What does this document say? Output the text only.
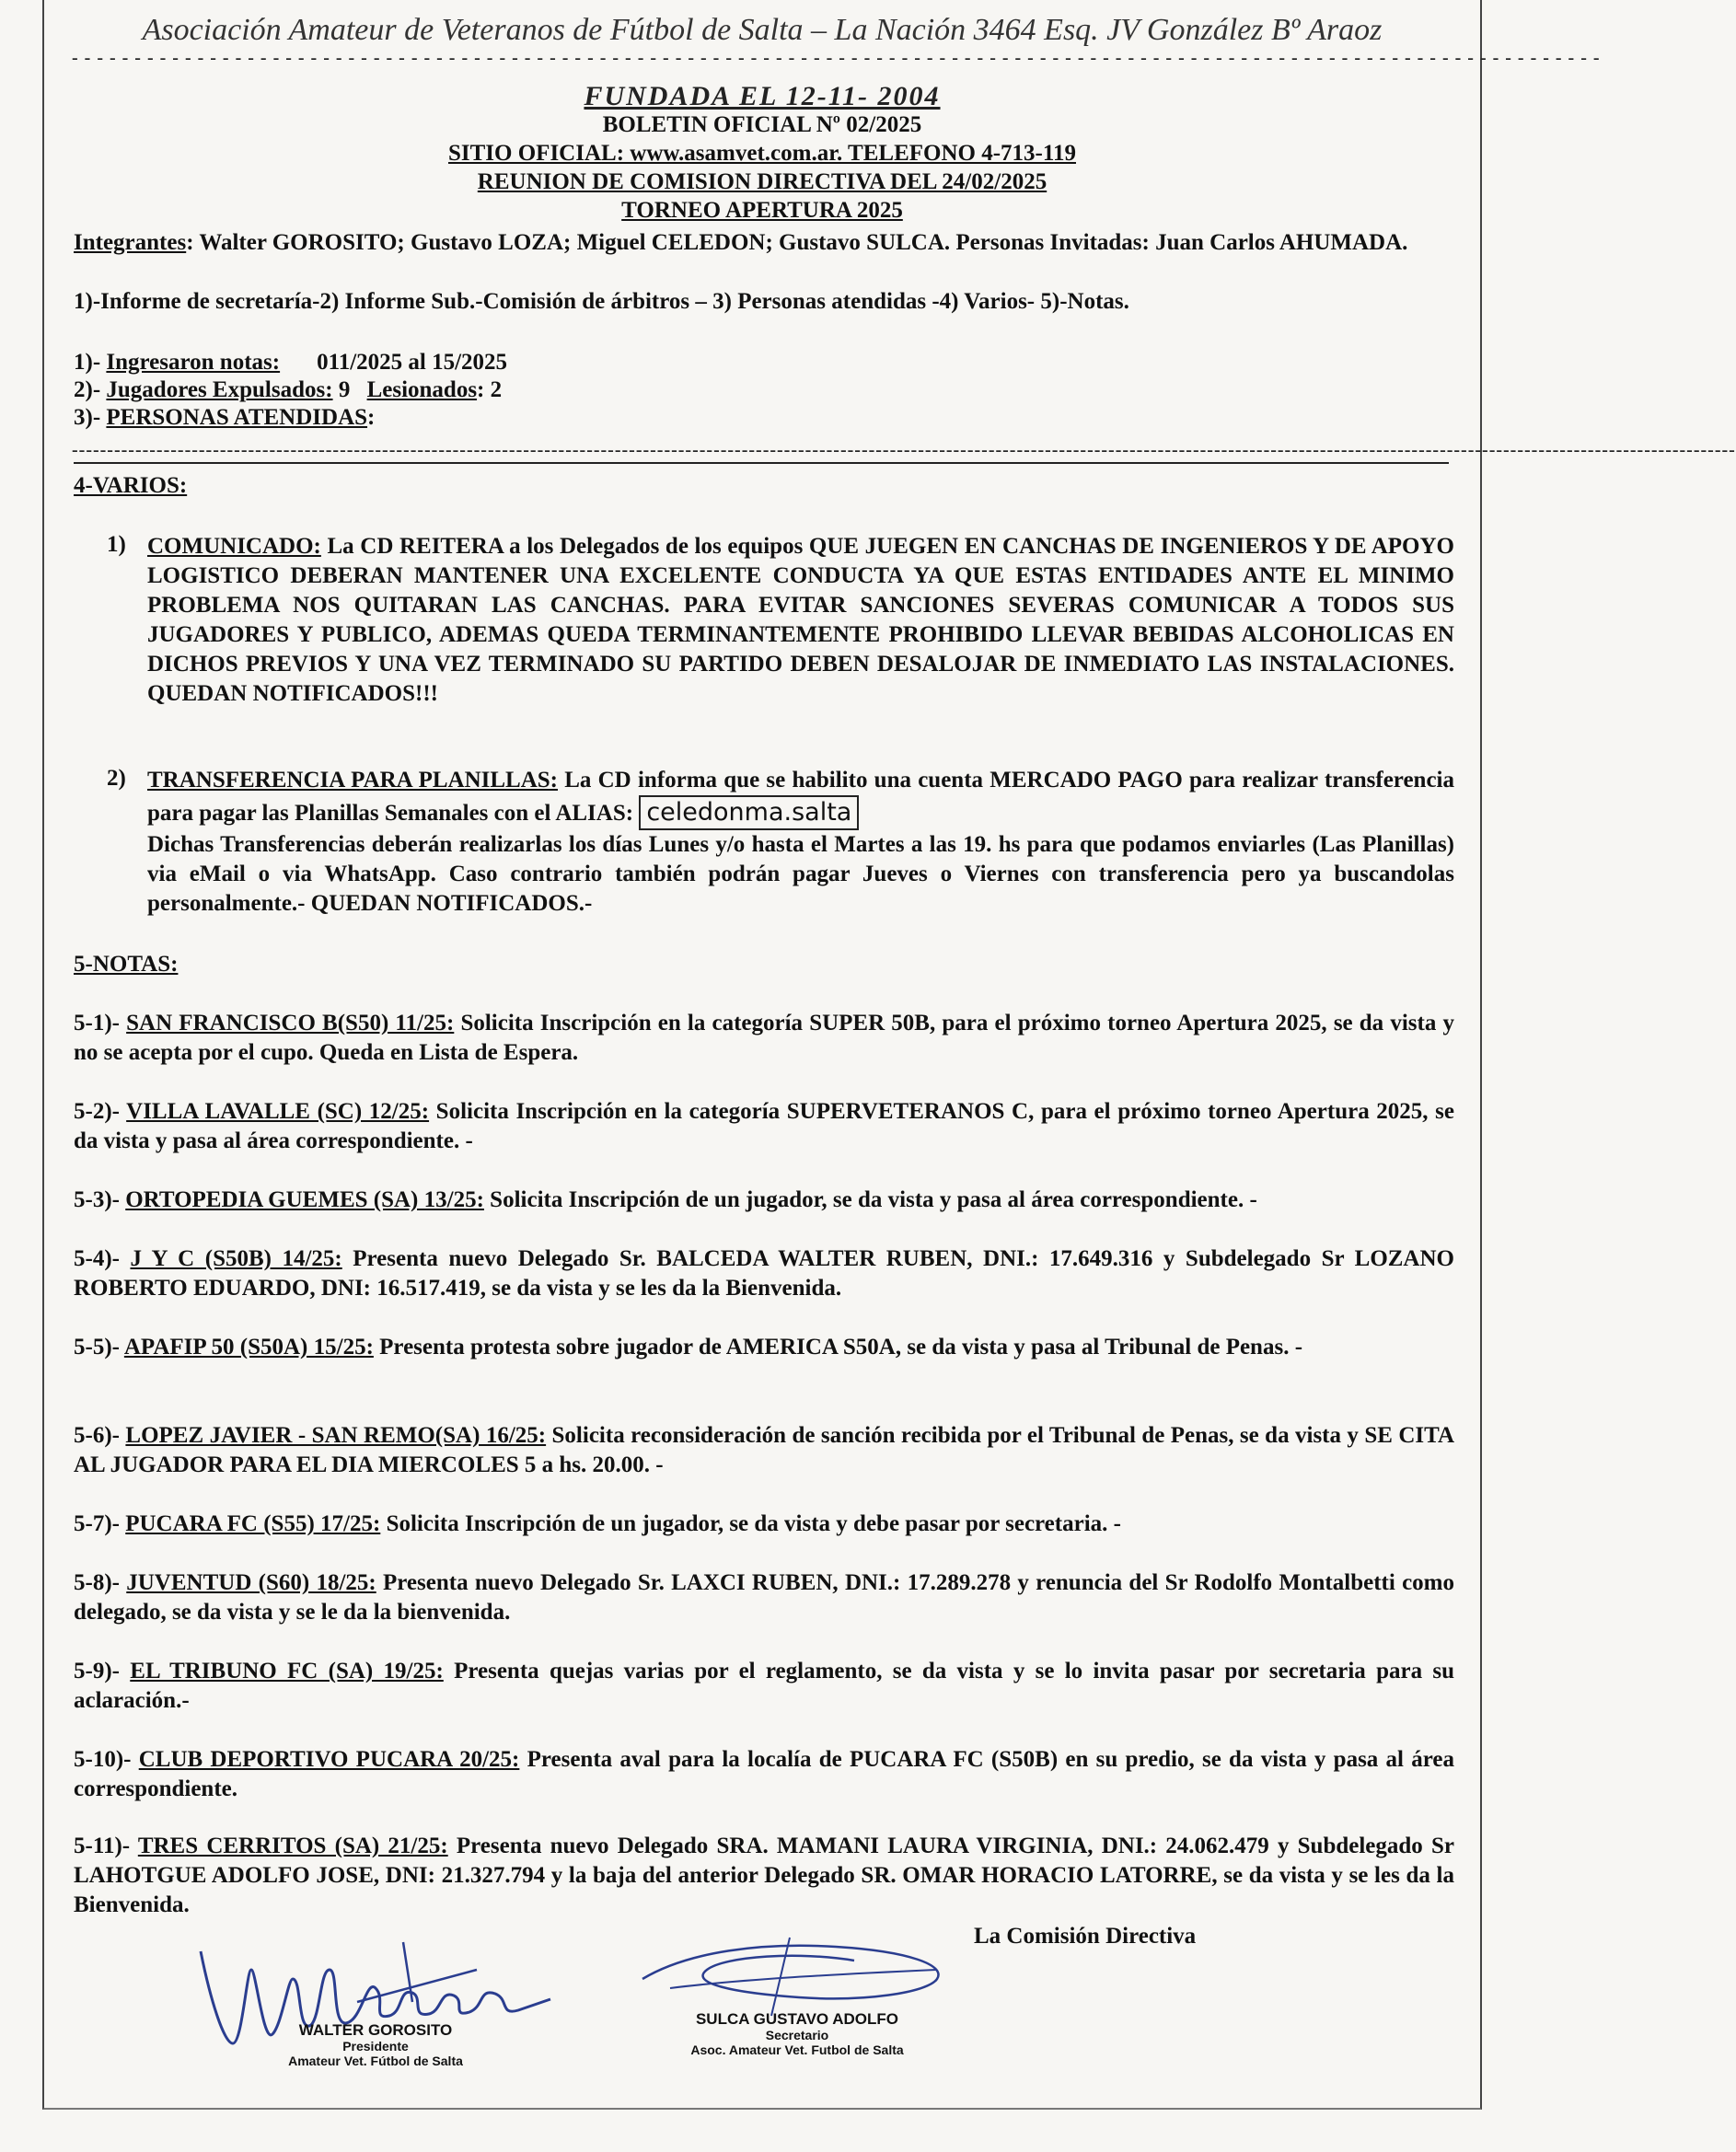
Asociación Amateur de Veteranos de Fútbol de Salta – La Nación 3464 Esq. JV González Bº Araoz
- - - - - - - - - - - - - - - - - - - - - - - - - - - - - - - - - - - - - - - - - - - - - - - - - - - - - - - - - - - - - - - - - - - - - - - - - - - - - - - - - - - - - - - - - - - - - - - - - - - - - - - - - - - - - - - - - - - - - - - - - -
FUNDADA EL 12-11- 2004
BOLETIN OFICIAL Nº 02/2025
SITIO OFICIAL: www.asamvet.com.ar. TELEFONO 4-713-119
REUNION DE COMISION DIRECTIVA DEL 24/02/2025
TORNEO APERTURA 2025
Integrantes: Walter GOROSITO; Gustavo LOZA; Miguel CELEDON; Gustavo SULCA. Personas Invitadas: Juan Carlos AHUMADA.
1)-Informe de secretaría-2) Informe Sub.-Comisión de árbitros – 3) Personas atendidas -4) Varios- 5)-Notas.
1)- Ingresaron notas: 011/2025 al 15/2025
2)- Jugadores Expulsados: 9 Lesionados: 2
3)- PERSONAS ATENDIDAS:
--------------------------------------------------------------------------------------------------------------------------------------------------------------------------------------------------------------------------------------------
4-VARIOS:
1) COMUNICADO: La CD REITERA a los Delegados de los equipos QUE JUEGEN EN CANCHAS DE INGENIEROS Y DE APOYO LOGISTICO DEBERAN MANTENER UNA EXCELENTE CONDUCTA YA QUE ESTAS ENTIDADES ANTE EL MINIMO PROBLEMA NOS QUITARAN LAS CANCHAS. PARA EVITAR SANCIONES SEVERAS COMUNICAR A TODOS SUS JUGADORES Y PUBLICO, ADEMAS QUEDA TERMINANTEMENTE PROHIBIDO LLEVAR BEBIDAS ALCOHOLICAS EN DICHOS PREVIOS Y UNA VEZ TERMINADO SU PARTIDO DEBEN DESALOJAR DE INMEDIATO LAS INSTALACIONES. QUEDAN NOTIFICADOS!!!
2) TRANSFERENCIA PARA PLANILLAS: La CD informa que se habilito una cuenta MERCADO PAGO para realizar transferencia para pagar las Planillas Semanales con el ALIAS: celedonma.salta
Dichas Transferencias deberán realizarlas los días Lunes y/o hasta el Martes a las 19. hs para que podamos enviarles (Las Planillas) via eMail o via WhatsApp. Caso contrario también podrán pagar Jueves o Viernes con transferencia pero ya buscandolas personalmente.- QUEDAN NOTIFICADOS.-
5-NOTAS:
5-1)- SAN FRANCISCO B(S50) 11/25: Solicita Inscripción en la categoría SUPER 50B, para el próximo torneo Apertura 2025, se da vista y no se acepta por el cupo. Queda en Lista de Espera.
5-2)- VILLA LAVALLE (SC) 12/25: Solicita Inscripción en la categoría SUPERVETERANOS C, para el próximo torneo Apertura 2025, se da vista y pasa al área correspondiente. -
5-3)- ORTOPEDIA GUEMES (SA) 13/25: Solicita Inscripción de un jugador, se da vista y pasa al área correspondiente. -
5-4)- J Y C (S50B) 14/25: Presenta nuevo Delegado Sr. BALCEDA WALTER RUBEN, DNI.: 17.649.316 y Subdelegado Sr LOZANO ROBERTO EDUARDO, DNI: 16.517.419, se da vista y se les da la Bienvenida.
5-5)- APAFIP 50 (S50A) 15/25: Presenta protesta sobre jugador de AMERICA S50A, se da vista y pasa al Tribunal de Penas. -
5-6)- LOPEZ JAVIER - SAN REMO(SA) 16/25: Solicita reconsideración de sanción recibida por el Tribunal de Penas, se da vista y SE CITA AL JUGADOR PARA EL DIA MIERCOLES 5 a hs. 20.00. -
5-7)- PUCARA FC (S55) 17/25: Solicita Inscripción de un jugador, se da vista y debe pasar por secretaria. -
5-8)- JUVENTUD (S60) 18/25: Presenta nuevo Delegado Sr. LAXCI RUBEN, DNI.: 17.289.278 y renuncia del Sr Rodolfo Montalbetti como delegado, se da vista y se le da la bienvenida.
5-9)- EL TRIBUNO FC (SA) 19/25: Presenta quejas varias por el reglamento, se da vista y se lo invita pasar por secretaria para su aclaración.-
5-10)- CLUB DEPORTIVO PUCARA 20/25: Presenta aval para la localía de PUCARA FC (S50B) en su predio, se da vista y pasa al área correspondiente.
5-11)- TRES CERRITOS (SA) 21/25: Presenta nuevo Delegado SRA. MAMANI LAURA VIRGINIA, DNI.: 24.062.479 y Subdelegado Sr LAHOTGUE ADOLFO JOSE, DNI: 21.327.794 y la baja del anterior Delegado SR. OMAR HORACIO LATORRE, se da vista y se les da la Bienvenida.
La Comisión Directiva
WALTER GOROSITO
Presidente
Amateur Vet. Fútbol de Salta
SULCA GUSTAVO ADOLFO
Secretario
Asoc. Amateur Vet. Futbol de Salta
